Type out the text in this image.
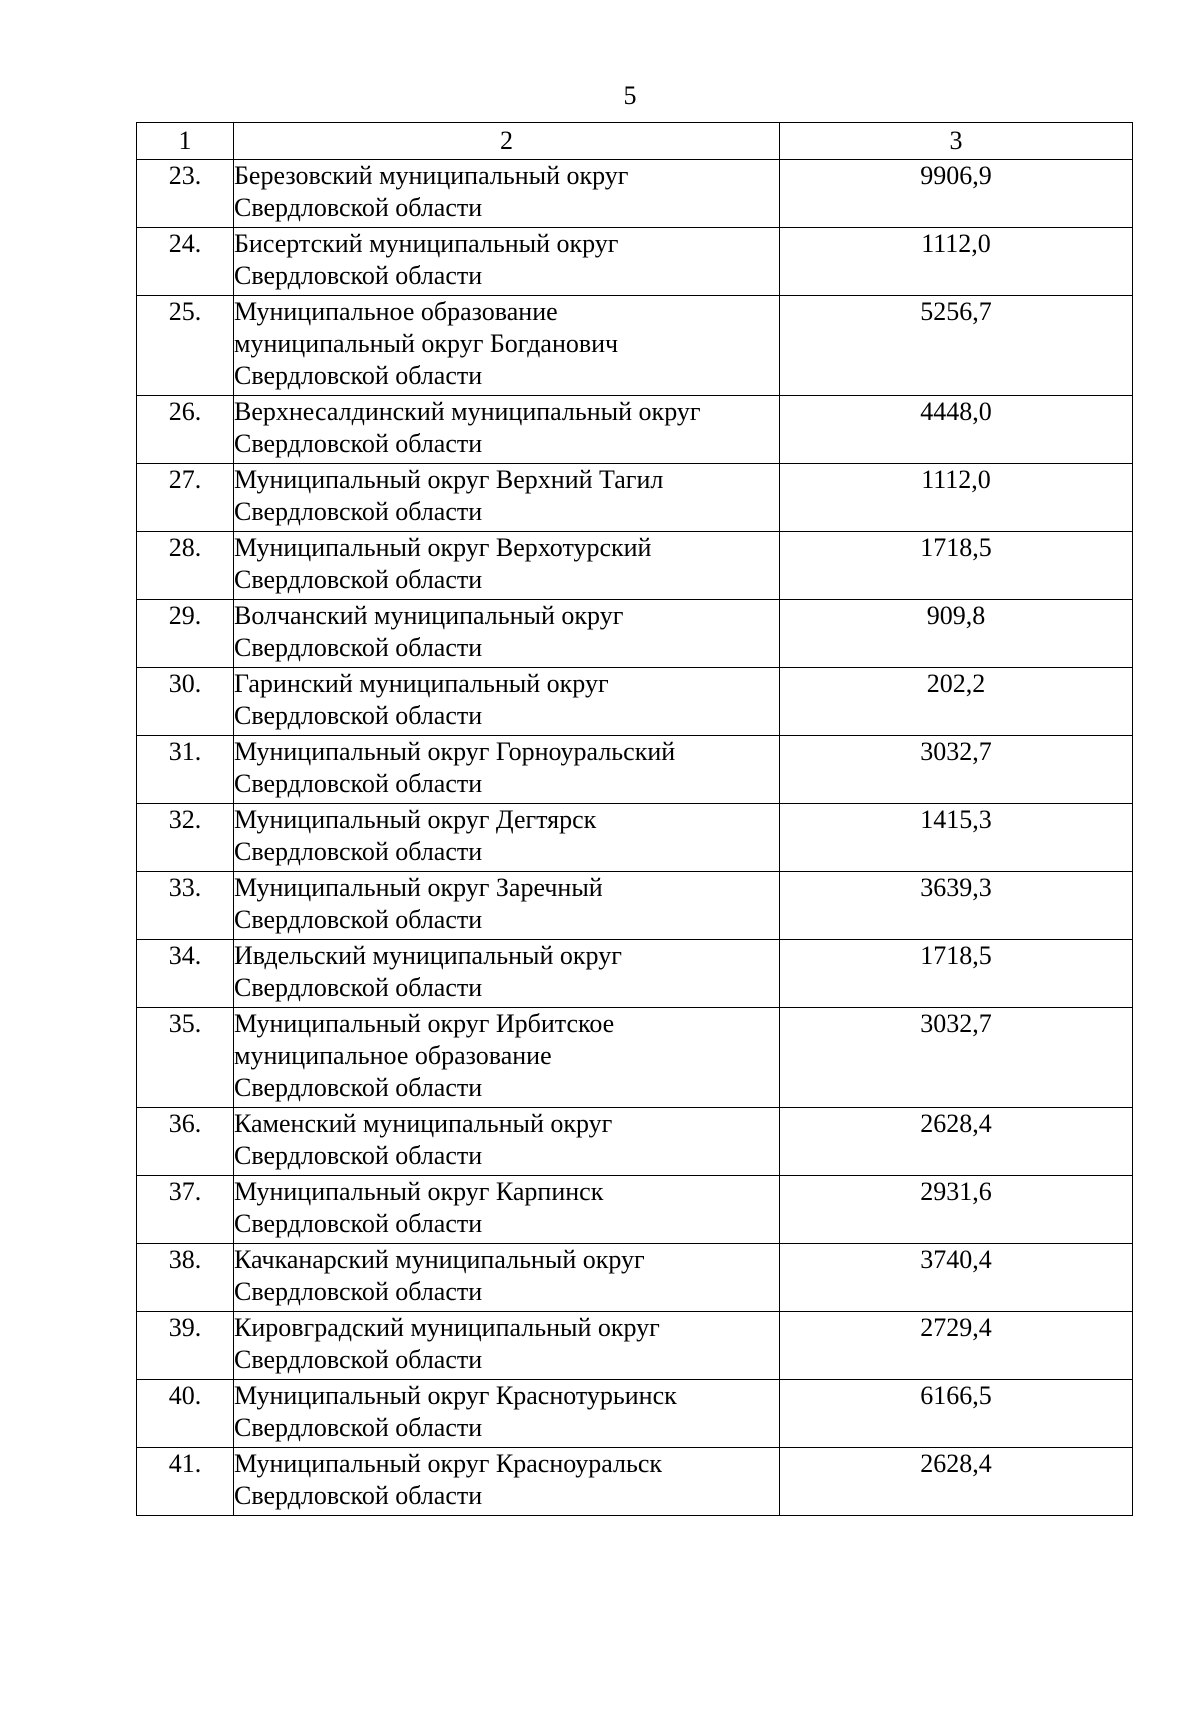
5
1	2	3
23.	Березовский муниципальный округ
Свердловской области	9906,9
24.	Бисертский муниципальный округ
Свердловской области	1112,0
25.	Муниципальное образование
муниципальный округ Богданович
Свердловской области	5256,7
26.	Верхнесалдинский муниципальный округ
Свердловской области	4448,0
27.	Муниципальный округ Верхний Тагил
Свердловской области	1112,0
28.	Муниципальный округ Верхотурский
Свердловской области	1718,5
29.	Волчанский муниципальный округ
Свердловской области	909,8
30.	Гаринский муниципальный округ
Свердловской области	202,2
31.	Муниципальный округ Горноуральский
Свердловской области	3032,7
32.	Муниципальный округ Дегтярск
Свердловской области	1415,3
33.	Муниципальный округ Заречный
Свердловской области	3639,3
34.	Ивдельский муниципальный округ
Свердловской области	1718,5
35.	Муниципальный округ Ирбитское
муниципальное образование
Свердловской области	3032,7
36.	Каменский муниципальный округ
Свердловской области	2628,4
37.	Муниципальный округ Карпинск
Свердловской области	2931,6
38.	Качканарский муниципальный округ
Свердловской области	3740,4
39.	Кировградский муниципальный округ
Свердловской области	2729,4
40.	Муниципальный округ Краснотурьинск
Свердловской области	6166,5
41.	Муниципальный округ Красноуральск
Свердловской области	2628,4
